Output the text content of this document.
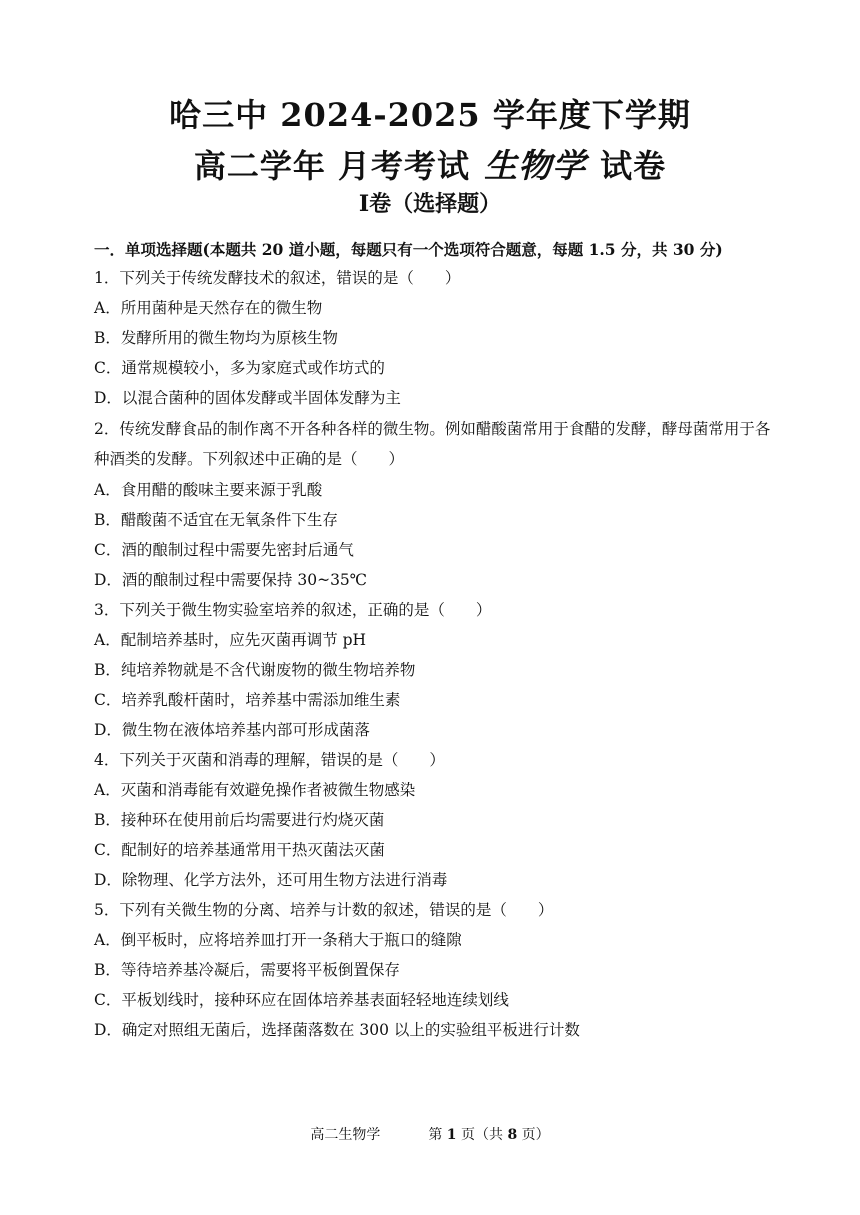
哈三中 2024-2025 学年度下学期
高二学年 月考考试 生物学 试卷
Ⅰ卷（选择题）
一．单项选择题(本题共 20 道小题，每题只有一个选项符合题意，每题 1.5 分，共 30 分)
1．下列关于传统发酵技术的叙述，错误的是（　　）
A．所用菌种是天然存在的微生物
B．发酵所用的微生物均为原核生物
C．通常规模较小，多为家庭式或作坊式的
D．以混合菌种的固体发酵或半固体发酵为主
2．传统发酵食品的制作离不开各种各样的微生物。例如醋酸菌常用于食醋的发酵，酵母菌常用于各种酒类的发酵。下列叙述中正确的是（　　）
A．食用醋的酸味主要来源于乳酸
B．醋酸菌不适宜在无氧条件下生存
C．酒的酿制过程中需要先密封后通气
D．酒的酿制过程中需要保持 30~35℃
3．下列关于微生物实验室培养的叙述，正确的是（　　）
A．配制培养基时，应先灭菌再调节 pH
B．纯培养物就是不含代谢废物的微生物培养物
C．培养乳酸杆菌时，培养基中需添加维生素
D．微生物在液体培养基内部可形成菌落
4．下列关于灭菌和消毒的理解，错误的是（　　）
A．灭菌和消毒能有效避免操作者被微生物感染
B．接种环在使用前后均需要进行灼烧灭菌
C．配制好的培养基通常用干热灭菌法灭菌
D．除物理、化学方法外，还可用生物方法进行消毒
5．下列有关微生物的分离、培养与计数的叙述，错误的是（　　）
A．倒平板时，应将培养皿打开一条稍大于瓶口的缝隙
B．等待培养基冷凝后，需要将平板倒置保存
C．平板划线时，接种环应在固体培养基表面轻轻地连续划线
D．确定对照组无菌后，选择菌落数在 300 以上的实验组平板进行计数
高二生物学	第 1 页（共 8 页）
